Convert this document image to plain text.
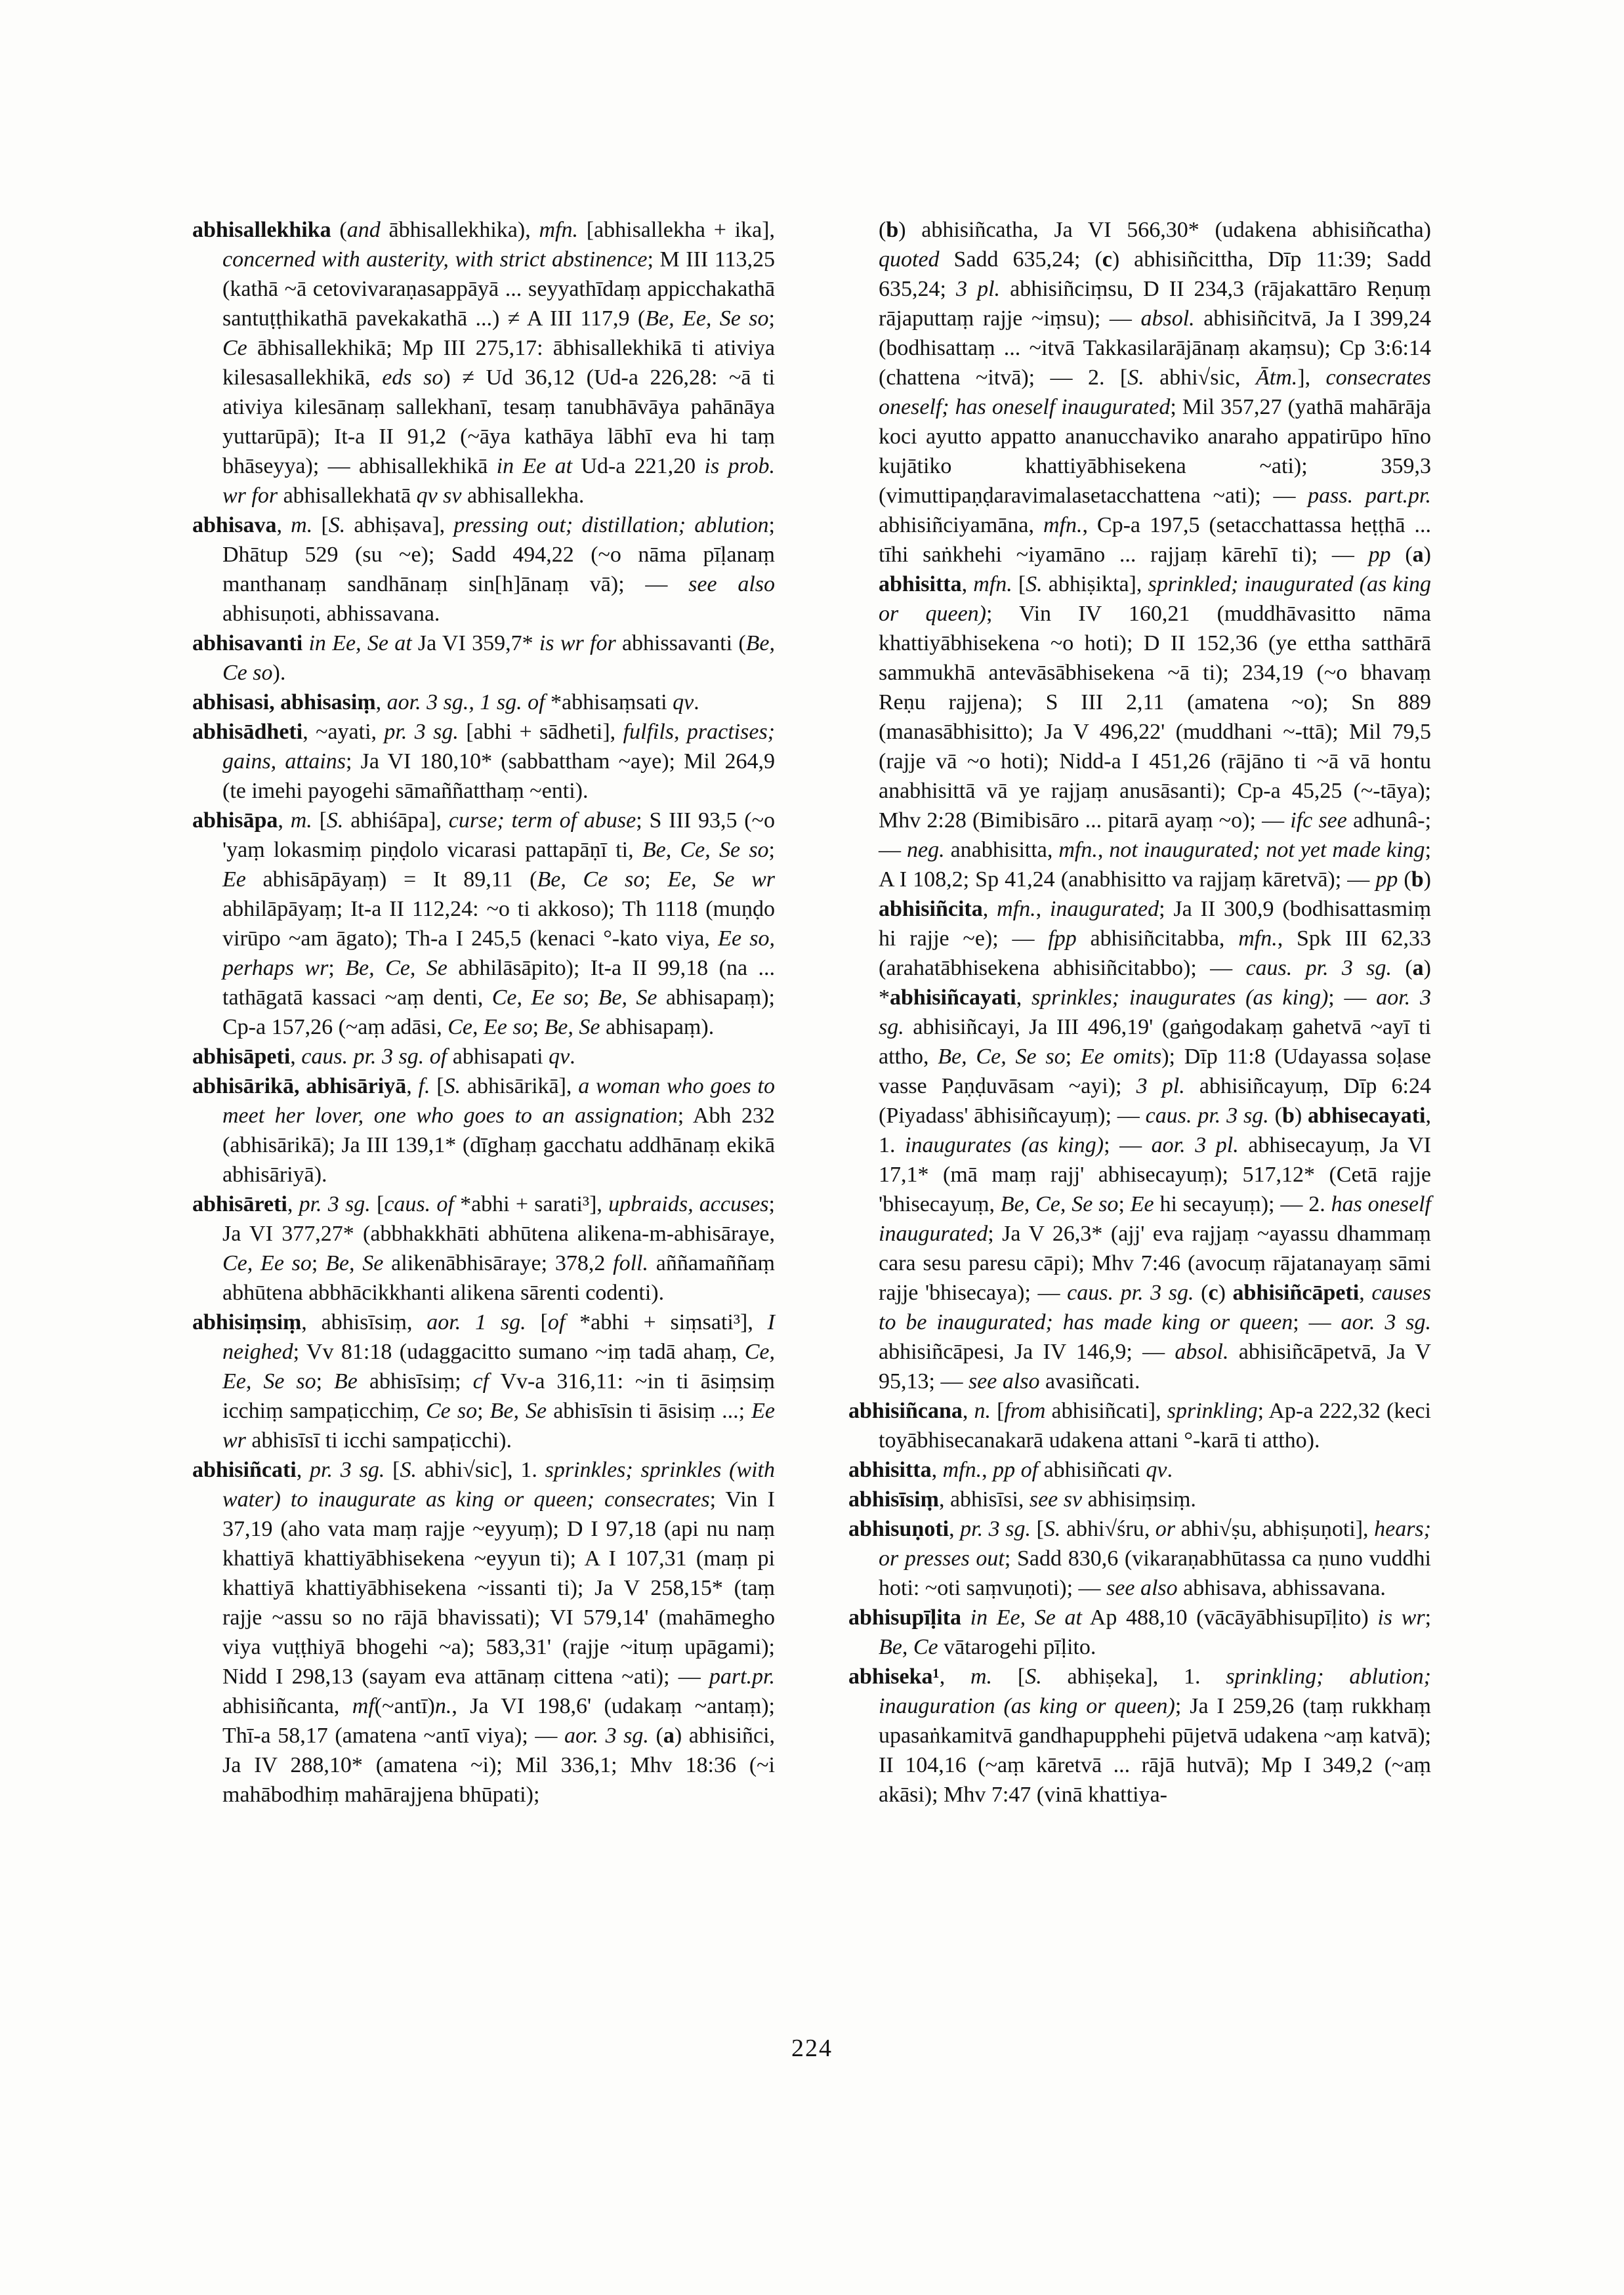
abhisallekhika (and ābhisallekhika), mfn. [abhisallekha + ika], concerned with austerity, with strict abstinence; M III 113,25 (kathā ~ā cetovivaraṇasappāyā ... seyyathīdaṃ appicchakathā santuṭṭhikathā pavekakathā ...) ≠ A III 117,9 (Be, Ee, Se so; Ce ābhisallekhikā; Mp III 275,17: ābhisallekhikā ti ativiya kilesasallekhikā, eds so) ≠ Ud 36,12 (Ud-a 226,28: ~ā ti ativiya kilesānaṃ sallekhanī, tesaṃ tanubhāvāya pahānāya yuttarūpā); It-a II 91,2 (~āya kathāya lābhī eva hi taṃ bhāseyya); — abhisallekhikā in Ee at Ud-a 221,20 is prob. wr for abhisallekhatā qv sv abhisallekha.

abhisava, m. [S. abhiṣava], pressing out; distillation; ablution; Dhātup 529 (su ~e); Sadd 494,22 (~o nāma pīḷanaṃ manthanaṃ sandhānaṃ sin[h]ānaṃ vā); — see also abhisuṇoti, abhissavana.

abhisavanti in Ee, Se at Ja VI 359,7* is wr for abhissavanti (Be, Ce so).

abhisasi, abhisasiṃ, aor. 3 sg., 1 sg. of *abhisaṃsati qv.

abhisādheti, ~ayati, pr. 3 sg. [abhi + sādheti], fulfils, practises; gains, attains; Ja VI 180,10* (sabbattham ~aye); Mil 264,9 (te imehi payogehi sāmaññatthaṃ ~enti).

abhisāpa, m. [S. abhiśāpa], curse; term of abuse; S III 93,5 (~o 'yaṃ lokasmiṃ piṇḍolo vicarasi pattapāṇī ti, Be, Ce, Se so; Ee abhisāpāyaṃ) = It 89,11 (Be, Ce so; Ee, Se wr abhilāpāyaṃ; It-a II 112,24: ~o ti akkoso); Th 1118 (muṇḍo virūpo ~am āgato); Th-a I 245,5 (kenaci °-kato viya, Ee so, perhaps wr; Be, Ce, Se abhilāsāpito); It-a II 99,18 (na ... tathāgatā kassaci ~aṃ denti, Ce, Ee so; Be, Se abhisapaṃ); Cp-a 157,26 (~aṃ adāsi, Ce, Ee so; Be, Se abhisapaṃ).

abhisāpeti, caus. pr. 3 sg. of abhisapati qv.

abhisārikā, abhisāriyā, f. [S. abhisārikā], a woman who goes to meet her lover, one who goes to an assignation; Abh 232 (abhisārikā); Ja III 139,1* (dīghaṃ gacchatu addhānaṃ ekikā abhisāriyā).

abhisāreti, pr. 3 sg. [caus. of *abhi + sarati³], upbraids, accuses; Ja VI 377,27* (abbhakkhāti abhūtena alikena-m-abhisāraye, Ce, Ee so; Be, Se alikenābhisāraye; 378,2 foll. aññamaññaṃ abhūtena abbhācikkhanti alikena sārenti codenti).

abhisiṃsiṃ, abhisīsiṃ, aor. 1 sg. [of *abhi + siṃsati³], I neighed; Vv 81:18 (udaggacitto sumano ~iṃ tadā ahaṃ, Ce, Ee, Se so; Be abhisīsiṃ; cf Vv-a 316,11: ~in ti āsiṃsiṃ icchiṃ sampaṭicchiṃ, Ce so; Be, Se abhisīsin ti āsisiṃ ...; Ee wr abhisīsī ti icchi sampaṭicchi).

abhisiñcati, pr. 3 sg. [S. abhi√sic], 1. sprinkles; sprinkles (with water) to inaugurate as king or queen; consecrates; Vin I 37,19 (aho vata maṃ rajje ~eyyuṃ); D I 97,18 (api nu naṃ khattiyā khattiyābhisekena ~eyyun ti); A I 107,31 (maṃ pi khattiyā khattiyābhisekena ~issanti ti); Ja V 258,15* (taṃ rajje ~assu so no rājā bhavissati); VI 579,14' (mahāmegho viya vuṭṭhiyā bhogehi ~a); 583,31' (rajje ~ituṃ upāgami); Nidd I 298,13 (sayam eva attānaṃ cittena ~ati); — part.pr. abhisiñcanta, mf(~antī)n., Ja VI 198,6' (udakaṃ ~antaṃ); Thī-a 58,17 (amatena ~antī viya); — aor. 3 sg. (a) abhisiñci, Ja IV 288,10* (amatena ~i); Mil 336,1; Mhv 18:36 (~i mahābodhiṃ mahārajjena bhūpati);

(b) abhisiñcatha, Ja VI 566,30* (udakena abhisiñcatha) quoted Sadd 635,24; (c) abhisiñcittha, Dīp 11:39; Sadd 635,24; 3 pl. abhisiñciṃsu, D II 234,3 (rājakattāro Reṇuṃ rājaputtaṃ rajje ~iṃsu); — absol. abhisiñcitvā, Ja I 399,24 (bodhisattaṃ ... ~itvā Takkasilarājānaṃ akaṃsu); Cp 3:6:14 (chattena ~itvā); — 2. [S. abhi√sic, Ātm.], consecrates oneself; has oneself inaugurated; Mil 357,27 (yathā mahārāja koci ayutto appatto ananucchaviko anaraho appatirūpo hīno kujātiko khattiyābhisekena ~ati); 359,3 (vimuttipaṇḍaravimalasetacchattena ~ati); — pass. part.pr. abhisiñciyamāna, mfn., Cp-a 197,5 (setacchattassa heṭṭhā ... tīhi saṅkhehi ~iyamāno ... rajjaṃ kārehī ti); — pp (a) abhisitta, mfn. [S. abhiṣikta], sprinkled; inaugurated (as king or queen); Vin IV 160,21 (muddhāvasitto nāma khattiyābhisekena ~o hoti); D II 152,36 (ye ettha satthārā sammukhā antevāsābhisekena ~ā ti); 234,19 (~o bhavaṃ Reṇu rajjena); S III 2,11 (amatena ~o); Sn 889 (manasābhisitto); Ja V 496,22' (muddhani ~-ttā); Mil 79,5 (rajje vā ~o hoti); Nidd-a I 451,26 (rājāno ti ~ā vā hontu anabhisittā vā ye rajjaṃ anusāsanti); Cp-a 45,25 (~-tāya); Mhv 2:28 (Bimibisāro ... pitarā ayaṃ ~o); — ifc see adhunâ-; — neg. anabhisitta, mfn., not inaugurated; not yet made king; A I 108,2; Sp 41,24 (anabhisitto va rajjaṃ kāretvā); — pp (b) abhisiñcita, mfn., inaugurated; Ja II 300,9 (bodhisattasmiṃ hi rajje ~e); — fpp abhisiñcitabba, mfn., Spk III 62,33 (arahatābhisekena abhisiñcitabbo); — caus. pr. 3 sg. (a) *abhisiñcayati, sprinkles; inaugurates (as king); — aor. 3 sg. abhisiñcayi, Ja III 496,19' (gaṅgodakaṃ gahetvā ~ayī ti attho, Be, Ce, Se so; Ee omits); Dīp 11:8 (Udayassa soḷase vasse Paṇḍuvāsam ~ayi); 3 pl. abhisiñcayuṃ, Dīp 6:24 (Piyadass' ābhisiñcayuṃ); — caus. pr. 3 sg. (b) abhisecayati, 1. inaugurates (as king); — aor. 3 pl. abhisecayuṃ, Ja VI 17,1* (mā maṃ rajj' abhisecayuṃ); 517,12* (Cetā rajje 'bhisecayuṃ, Be, Ce, Se so; Ee hi secayuṃ); — 2. has oneself inaugurated; Ja V 26,3* (ajj' eva rajjaṃ ~ayassu dhammaṃ cara sesu paresu cāpi); Mhv 7:46 (avocuṃ rājatanayaṃ sāmi rajje 'bhisecaya); — caus. pr. 3 sg. (c) abhisiñcāpeti, causes to be inaugurated; has made king or queen; — aor. 3 sg. abhisiñcāpesi, Ja IV 146,9; — absol. abhisiñcāpetvā, Ja V 95,13; — see also avasiñcati.

abhisiñcana, n. [from abhisiñcati], sprinkling; Ap-a 222,32 (keci toyābhisecanakarā udakena attani °-karā ti attho).

abhisitta, mfn., pp of abhisiñcati qv.

abhisīsiṃ, abhisīsi, see sv abhisiṃsiṃ.

abhisuṇoti, pr. 3 sg. [S. abhi√śru, or abhi√ṣu, abhiṣuṇoti], hears; or presses out; Sadd 830,6 (vikaraṇabhūtassa ca ṇuno vuddhi hoti: ~oti saṃvuṇoti); — see also abhisava, abhissavana.

abhisupīḷita in Ee, Se at Ap 488,10 (vācāyābhisupīḷito) is wr; Be, Ce vātarogehi pīḷito.

abhiseka¹, m. [S. abhiṣeka], 1. sprinkling; ablution; inauguration (as king or queen); Ja I 259,26 (taṃ rukkhaṃ upasaṅkamitvā gandhapupphehi pūjetvā udakena ~aṃ katvā); II 104,16 (~aṃ kāretvā ... rājā hutvā); Mp I 349,2 (~aṃ akāsi); Mhv 7:47 (vinā khattiya-

224
